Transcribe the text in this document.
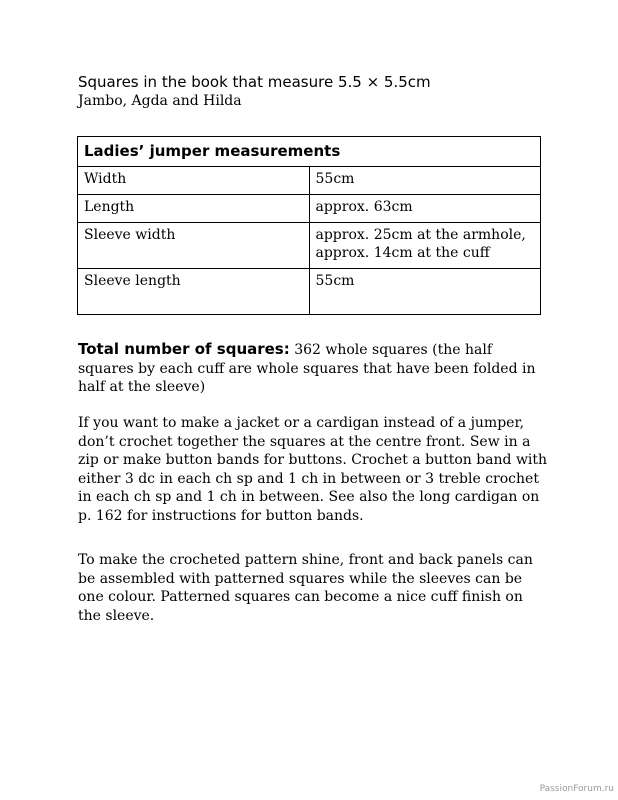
Squares in the book that measure 5.5 × 5.5cm
Jambo, Agda and Hilda
Ladies’ jumper measurements	
Width	55cm
Length	approx. 63cm
Sleeve width	approx. 25cm at the armhole, approx. 14cm at the cuff
Sleeve length	55cm
Total number of squares: 362 whole squares (the half squares by each cuff are whole squares that have been folded in half at the sleeve)
If you want to make a jacket or a cardigan instead of a jumper, don’t crochet together the squares at the centre front. Sew in a zip or make button bands for buttons. Crochet a button band with either 3 dc in each ch sp and 1 ch in between or 3 treble crochet in each ch sp and 1 ch in between. See also the long cardigan on p. 162 for instructions for button bands.
To make the crocheted pattern shine, front and back panels can be assembled with patterned squares while the sleeves can be one colour. Patterned squares can become a nice cuff finish on the sleeve.
PassionForum.ru
